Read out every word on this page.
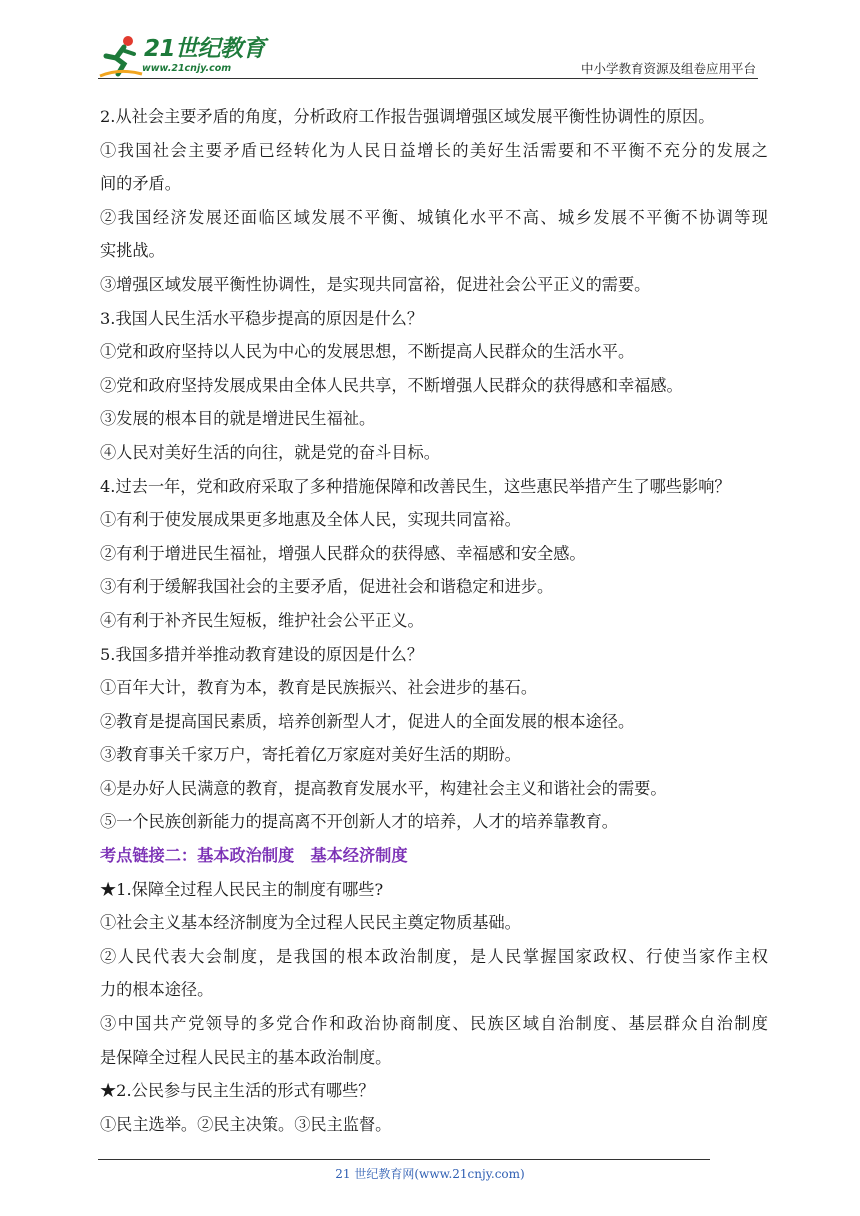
21世纪教育
www.21cnjy.com	中小学教育资源及组卷应用平台
2.从社会主要矛盾的角度，分析政府工作报告强调增强区域发展平衡性协调性的原因。
①我国社会主要矛盾已经转化为人民日益增长的美好生活需要和不平衡不充分的发展之
间的矛盾。
②我国经济发展还面临区域发展不平衡、城镇化水平不高、城乡发展不平衡不协调等现
实挑战。
③增强区域发展平衡性协调性，是实现共同富裕，促进社会公平正义的需要。
3.我国人民生活水平稳步提高的原因是什么？
①党和政府坚持以人民为中心的发展思想，不断提高人民群众的生活水平。
②党和政府坚持发展成果由全体人民共享，不断增强人民群众的获得感和幸福感。
③发展的根本目的就是增进民生福祉。
④人民对美好生活的向往，就是党的奋斗目标。
4.过去一年，党和政府采取了多种措施保障和改善民生，这些惠民举措产生了哪些影响？
①有利于使发展成果更多地惠及全体人民，实现共同富裕。
②有利于增进民生福祉，增强人民群众的获得感、幸福感和安全感。
③有利于缓解我国社会的主要矛盾，促进社会和谐稳定和进步。
④有利于补齐民生短板，维护社会公平正义。
5.我国多措并举推动教育建设的原因是什么？
①百年大计，教育为本，教育是民族振兴、社会进步的基石。
②教育是提高国民素质，培养创新型人才，促进人的全面发展的根本途径。
③教育事关千家万户，寄托着亿万家庭对美好生活的期盼。
④是办好人民满意的教育，提高教育发展水平，构建社会主义和谐社会的需要。
⑤一个民族创新能力的提高离不开创新人才的培养，人才的培养靠教育。
考点链接二：基本政治制度　基本经济制度
★1.保障全过程人民民主的制度有哪些?
①社会主义基本经济制度为全过程人民民主奠定物质基础。
②人民代表大会制度，是我国的根本政治制度，是人民掌握国家政权、行使当家作主权
力的根本途径。
③中国共产党领导的多党合作和政治协商制度、民族区域自治制度、基层群众自治制度
是保障全过程人民民主的基本政治制度。
★2.公民参与民主生活的形式有哪些？
①民主选举。②民主决策。③民主监督。
21 世纪教育网(www.21cnjy.com)
